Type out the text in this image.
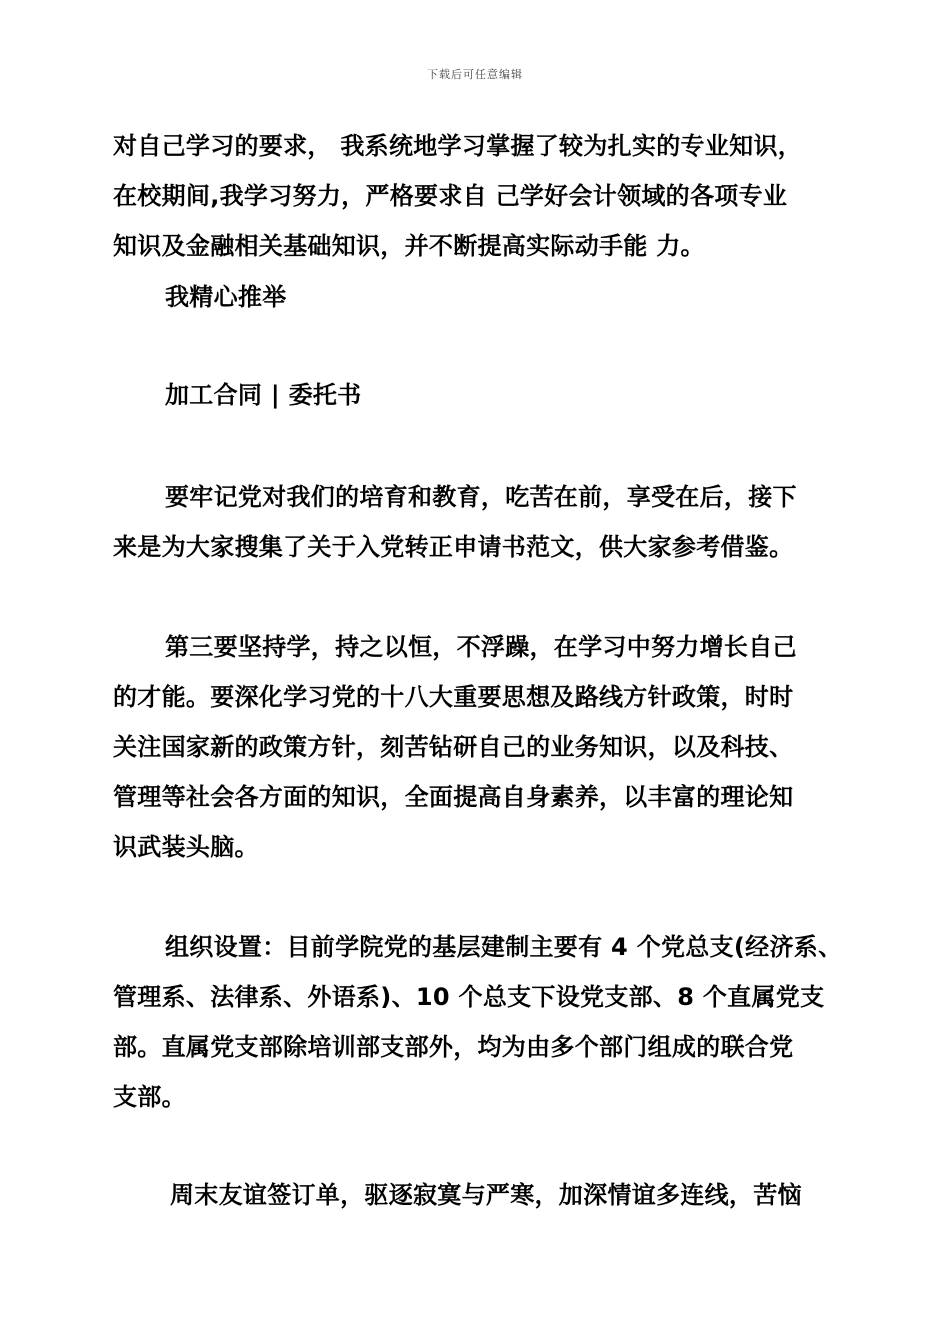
下载后可任意编辑
对自己学习的要求， 我系统地学习掌握了较为扎实的专业知识，
在校期间,我学习努力，严格要求自 己学好会计领域的各项专业
知识及金融相关基础知识，并不断提高实际动手能 力。
我精心推举
加工合同 | 委托书
要牢记党对我们的培育和教育，吃苦在前，享受在后，接下
来是为大家搜集了关于入党转正申请书范文，供大家参考借鉴。
第三要坚持学，持之以恒，不浮躁，在学习中努力增长自己
的才能。要深化学习党的十八大重要思想及路线方针政策，时时
关注国家新的政策方针，刻苦钻研自己的业务知识，以及科技、
管理等社会各方面的知识，全面提高自身素养，以丰富的理论知
识武装头脑。
组织设置：目前学院党的基层建制主要有 4 个党总支(经济系、
管理系、法律系、外语系)、10 个总支下设党支部、8 个直属党支
部。直属党支部除培训部支部外，均为由多个部门组成的联合党
支部。
周末友谊签订单，驱逐寂寞与严寒，加深情谊多连线，苦恼
